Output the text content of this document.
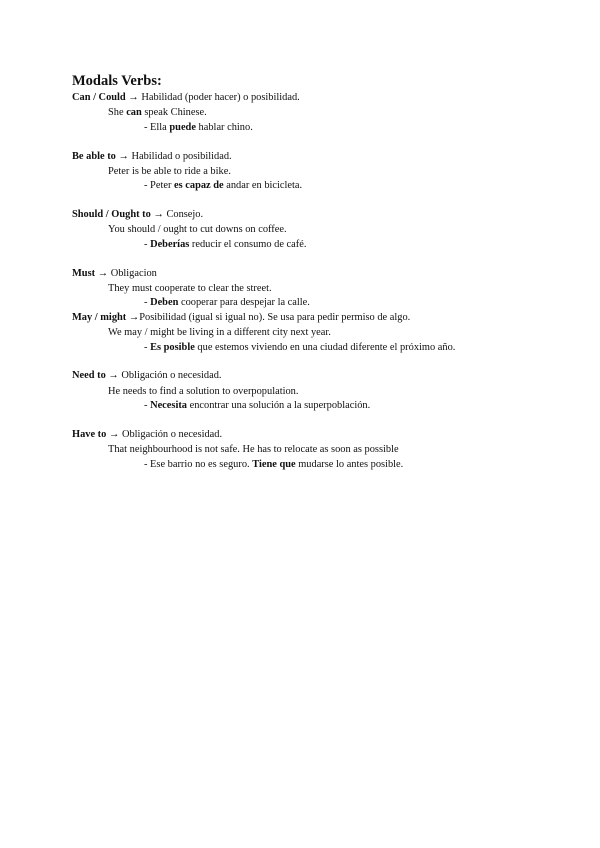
Modals Verbs:
Can / Could → Habilidad (poder hacer) o posibilidad.
She can speak Chinese.
- Ella puede hablar chino.
Be able to → Habilidad o posibilidad.
Peter is be able to ride a bike.
- Peter es capaz de andar en bicicleta.
Should / Ought to → Consejo.
You should / ought to cut downs on coffee.
- Deberías reducir el consumo de café.
Must → Obligacion
They must cooperate to clear the street.
- Deben cooperar para despejar la calle.
May / might →Posibilidad (igual si igual no). Se usa para pedir permiso de algo.
We may / might be living in a different city next year.
- Es posible que estemos viviendo en una ciudad diferente el próximo año.
Need to → Obligación o necesidad.
He needs to find a solution to overpopulation.
- Necesita encontrar una solución a la superpoblación.
Have to → Obligación o necesidad.
That neighbourhood is not safe. He has to relocate as soon as possible
- Ese barrio no es seguro. Tiene que mudarse lo antes posible.
